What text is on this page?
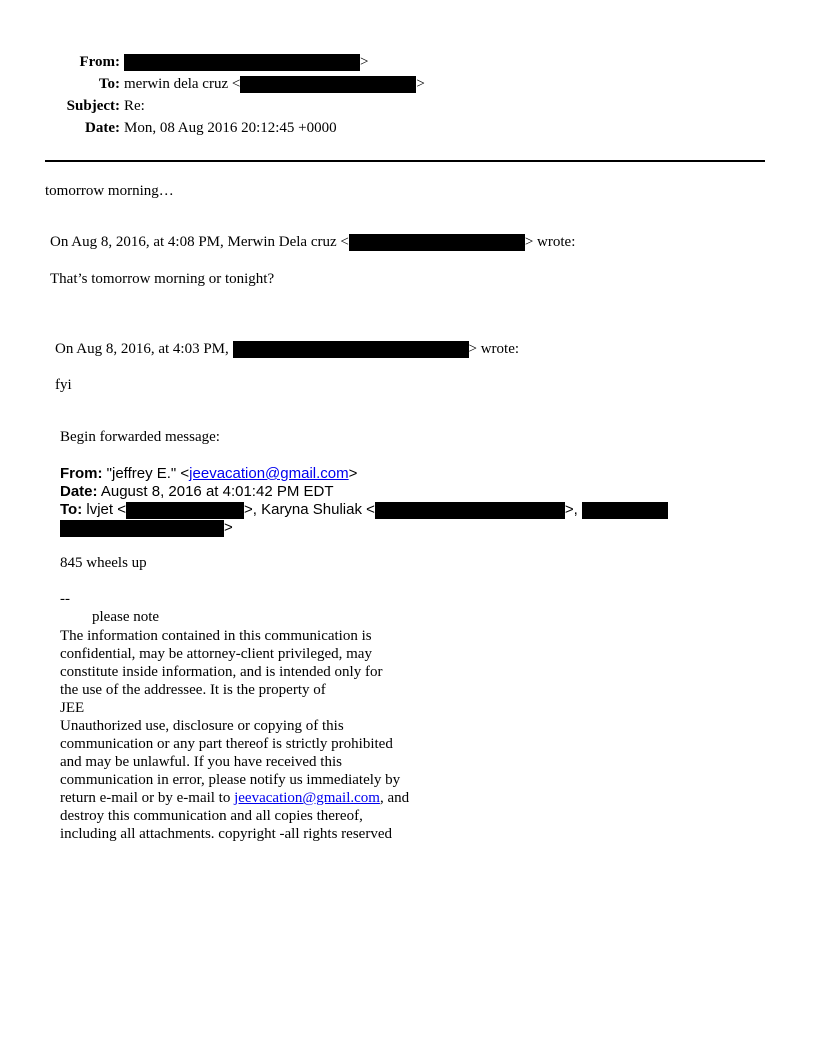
From:	>
To: merwin dela cruz <	>
Subject: Re:
Date: Mon, 08 Aug 2016 20:12:45 +0000
tomorrow morning…
On Aug 8, 2016, at 4:08 PM, Merwin Dela cruz <	> wrote:
That’s tomorrow morning or tonight?
On Aug 8, 2016, at 4:03 PM,	> wrote:
fyi
Begin forwarded message:
From: "jeffrey E." <jeevacation@gmail.com>
Date: August 8, 2016 at 4:01:42 PM EDT
To: lvjet <	>, Karyna Shuliak <	>,
>
845 wheels up
--
please note
The information contained in this communication is
confidential, may be attorney-client privileged, may
constitute inside information, and is intended only for
the use of the addressee. It is the property of
JEE
Unauthorized use, disclosure or copying of this
communication or any part thereof is strictly prohibited
and may be unlawful. If you have received this
communication in error, please notify us immediately by
return e-mail or by e-mail to jeevacation@gmail.com, and
destroy this communication and all copies thereof,
including all attachments. copyright -all rights reserved
